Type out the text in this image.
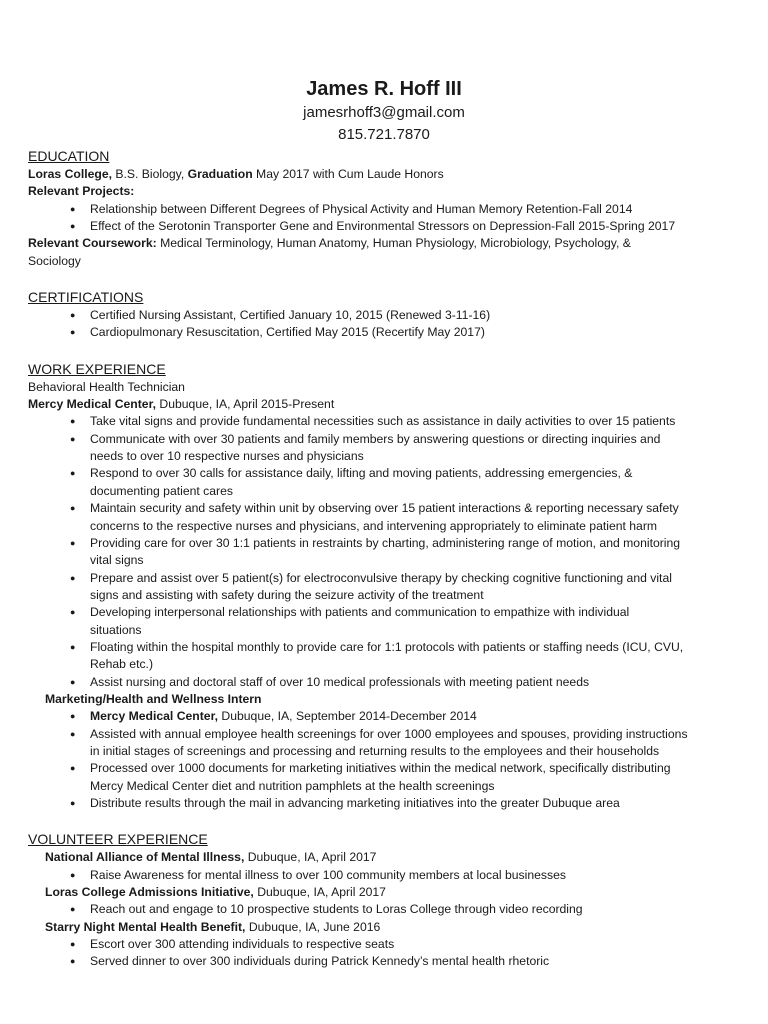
James R. Hoff III
jamesrhoff3@gmail.com
815.721.7870
EDUCATION
Loras College, B.S. Biology, Graduation May 2017 with Cum Laude Honors
Relevant Projects:
● Relationship between Different Degrees of Physical Activity and Human Memory Retention-Fall 2014
● Effect of the Serotonin Transporter Gene and Environmental Stressors on Depression-Fall 2015-Spring 2017
Relevant Coursework: Medical Terminology, Human Anatomy, Human Physiology, Microbiology, Psychology, &
Sociology
CERTIFICATIONS
● Certified Nursing Assistant, Certified January 10, 2015 (Renewed 3-11-16)
● Cardiopulmonary Resuscitation, Certified May 2015 (Recertify May 2017)
WORK EXPERIENCE
Behavioral Health Technician
Mercy Medical Center, Dubuque, IA, April 2015-Present
● Take vital signs and provide fundamental necessities such as assistance in daily activities to over 15 patients
● Communicate with over 30 patients and family members by answering questions or directing inquiries and
needs to over 10 respective nurses and physicians
● Respond to over 30 calls for assistance daily, lifting and moving patients, addressing emergencies, &
documenting patient cares
● Maintain security and safety within unit by observing over 15 patient interactions & reporting necessary safety
concerns to the respective nurses and physicians, and intervening appropriately to eliminate patient harm
● Providing care for over 30 1:1 patients in restraints by charting, administering range of motion, and monitoring
vital signs
● Prepare and assist over 5 patient(s) for electroconvulsive therapy by checking cognitive functioning and vital
signs and assisting with safety during the seizure activity of the treatment
● Developing interpersonal relationships with patients and communication to empathize with individual
situations
● Floating within the hospital monthly to provide care for 1:1 protocols with patients or staffing needs (ICU, CVU,
Rehab etc.)
● Assist nursing and doctoral staff of over 10 medical professionals with meeting patient needs
Marketing/Health and Wellness Intern
● Mercy Medical Center, Dubuque, IA, September 2014-December 2014
● Assisted with annual employee health screenings for over 1000 employees and spouses, providing instructions
in initial stages of screenings and processing and returning results to the employees and their households
● Processed over 1000 documents for marketing initiatives within the medical network, specifically distributing
Mercy Medical Center diet and nutrition pamphlets at the health screenings
● Distribute results through the mail in advancing marketing initiatives into the greater Dubuque area
VOLUNTEER EXPERIENCE
National Alliance of Mental Illness, Dubuque, IA, April 2017
● Raise Awareness for mental illness to over 100 community members at local businesses
Loras College Admissions Initiative, Dubuque, IA, April 2017
● Reach out and engage to 10 prospective students to Loras College through video recording
Starry Night Mental Health Benefit, Dubuque, IA, June 2016
● Escort over 300 attending individuals to respective seats
● Served dinner to over 300 individuals during Patrick Kennedy’s mental health rhetoric
